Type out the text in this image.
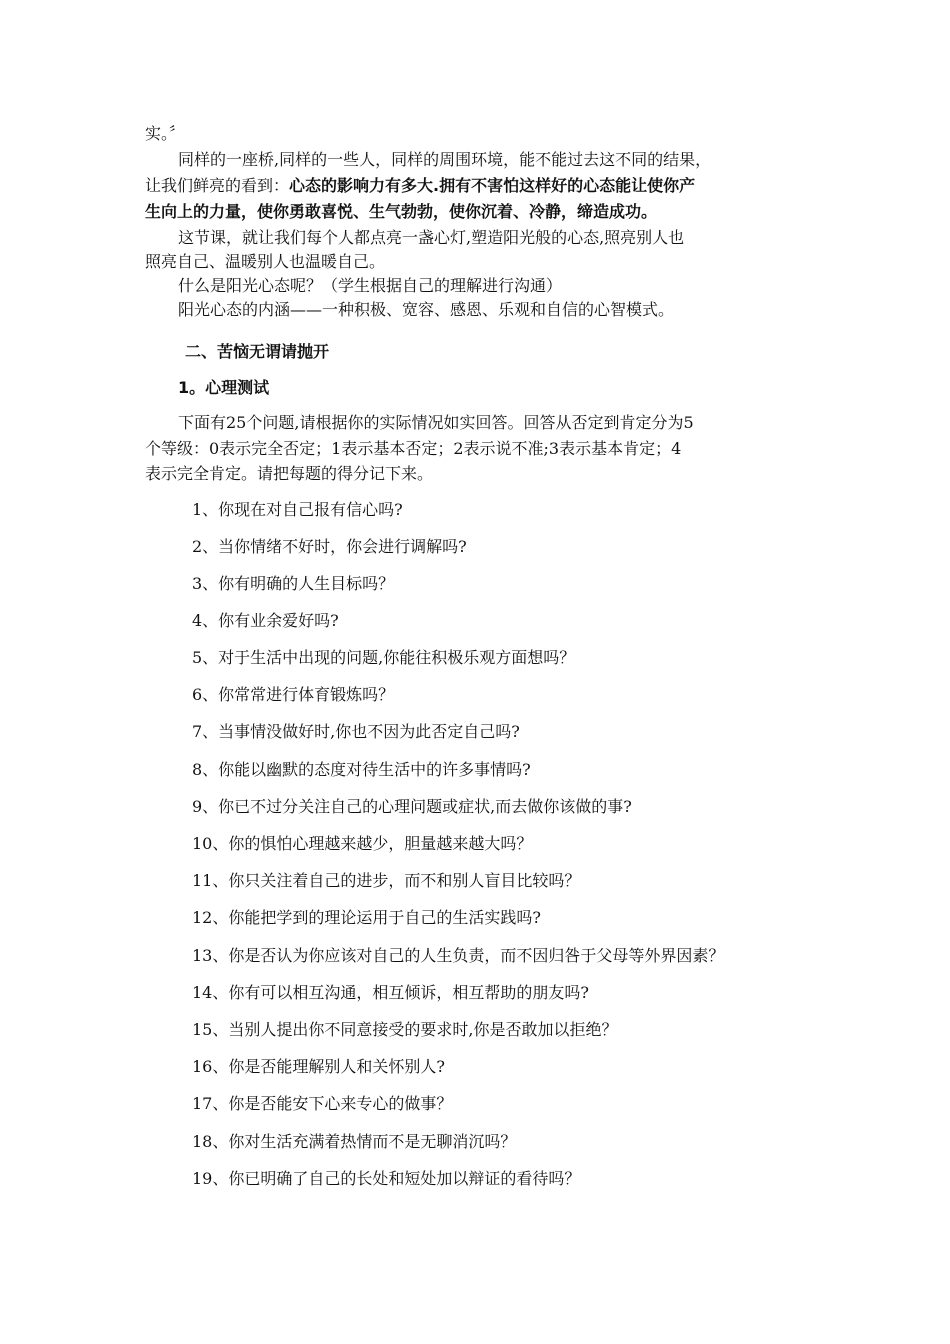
实。〞
同样的一座桥,同样的一些人，同样的周围环境，能不能过去这不同的结果，
让我们鲜亮的看到：心态的影响力有多大.拥有不害怕这样好的心态能让使你产
生向上的力量，使你勇敢喜悦、生气勃勃，使你沉着、冷静，缔造成功。
这节课，就让我们每个人都点亮一盏心灯,塑造阳光般的心态,照亮别人也
照亮自己、温暖别人也温暖自己。
什么是阳光心态呢？（学生根据自己的理解进行沟通）
阳光心态的内涵——一种积极、宽容、感恩、乐观和自信的心智模式。
二、苦恼无谓请抛开
1。心理测试
下面有25个问题,请根据你的实际情况如实回答。回答从否定到肯定分为5
个等级：0表示完全否定；1表示基本否定；2表示说不准;3表示基本肯定；4
表示完全肯定。请把每题的得分记下来。
1、你现在对自己报有信心吗?
2、当你情绪不好时，你会进行调解吗?
3、你有明确的人生目标吗？
4、你有业余爱好吗?
5、对于生活中出现的问题,你能往积极乐观方面想吗？
6、你常常进行体育锻炼吗？
7、当事情没做好时,你也不因为此否定自己吗?
8、你能以幽默的态度对待生活中的许多事情吗?
9、你已不过分关注自己的心理问题或症状,而去做你该做的事?
10、你的惧怕心理越来越少，胆量越来越大吗？
11、你只关注着自己的进步，而不和别人盲目比较吗？
12、你能把学到的理论运用于自己的生活实践吗?
13、你是否认为你应该对自己的人生负责，而不因归咎于父母等外界因素？
14、你有可以相互沟通，相互倾诉，相互帮助的朋友吗?
15、当别人提出你不同意接受的要求时,你是否敢加以拒绝？
16、你是否能理解别人和关怀别人?
17、你是否能安下心来专心的做事？
18、你对生活充满着热情而不是无聊消沉吗？
19、你已明确了自己的长处和短处加以辩证的看待吗？
